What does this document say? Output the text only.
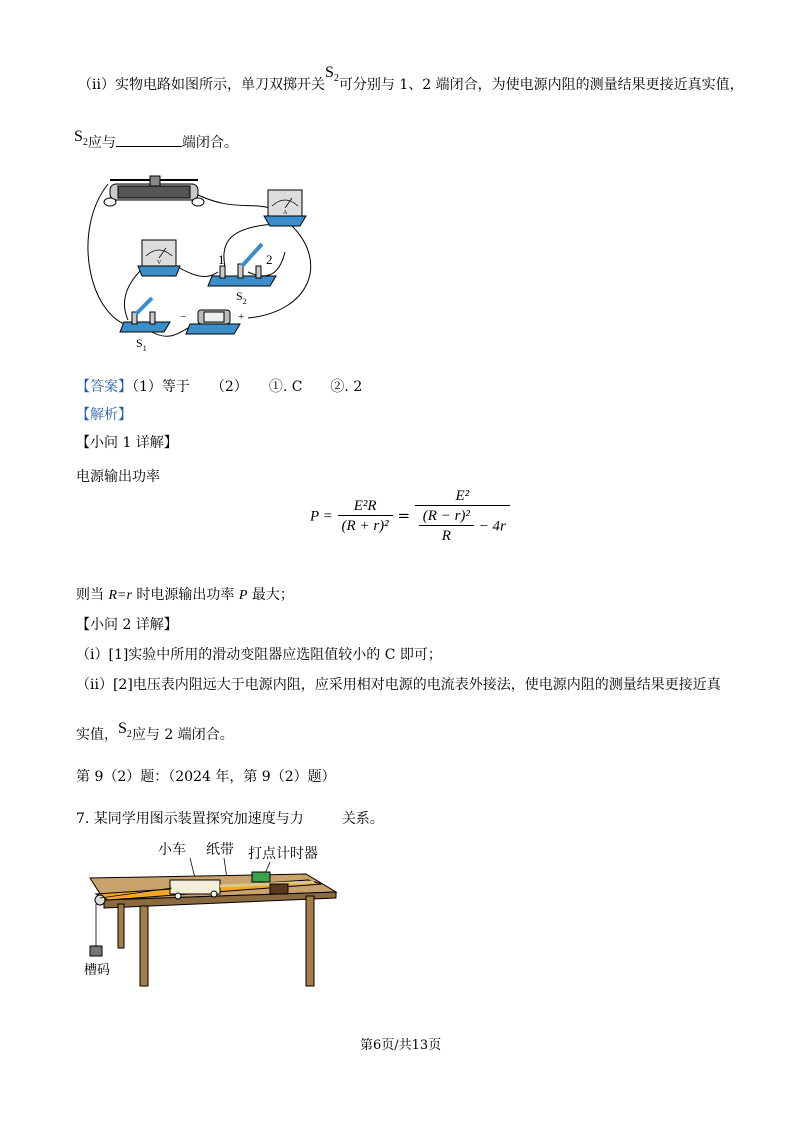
（ii）实物电路如图所示，单刀双掷开关$S_2$可分别与 1、2 端闭合，为使电源内阻的测量结果更接近真实值，
$S_2$应与	端闭合。
A
V	1	2
$S_2$
$S_1$
−	+
【答案】（1）等于　　（2）　　①. C　　②. 2
【解析】
【小问 1 详解】
电源输出功率
$P = \frac{\text{E²R}}{\text{(R + r)²}} = \frac{\text{E²}}{\frac{\text{(R − r)²}}{R} - 4r}$
则当 R=r 时电源输出功率 P 最大；
【小问 2 详解】
（i）[1]实验中所用的滑动变阻器应选阻值较小的 C 即可；
（ii）[2]电压表内阻远大于电源内阻，应采用相对电源的电流表外接法，使电源内阻的测量结果更接近真
实值，$S_2$应与 2 端闭合。
第 9（2）题：（2024 年，第 9（2）题）
7. 某同学用图示装置探究加速度与力	关系。
小车 纸带 打点计时器
槽码
第6页/共13页
